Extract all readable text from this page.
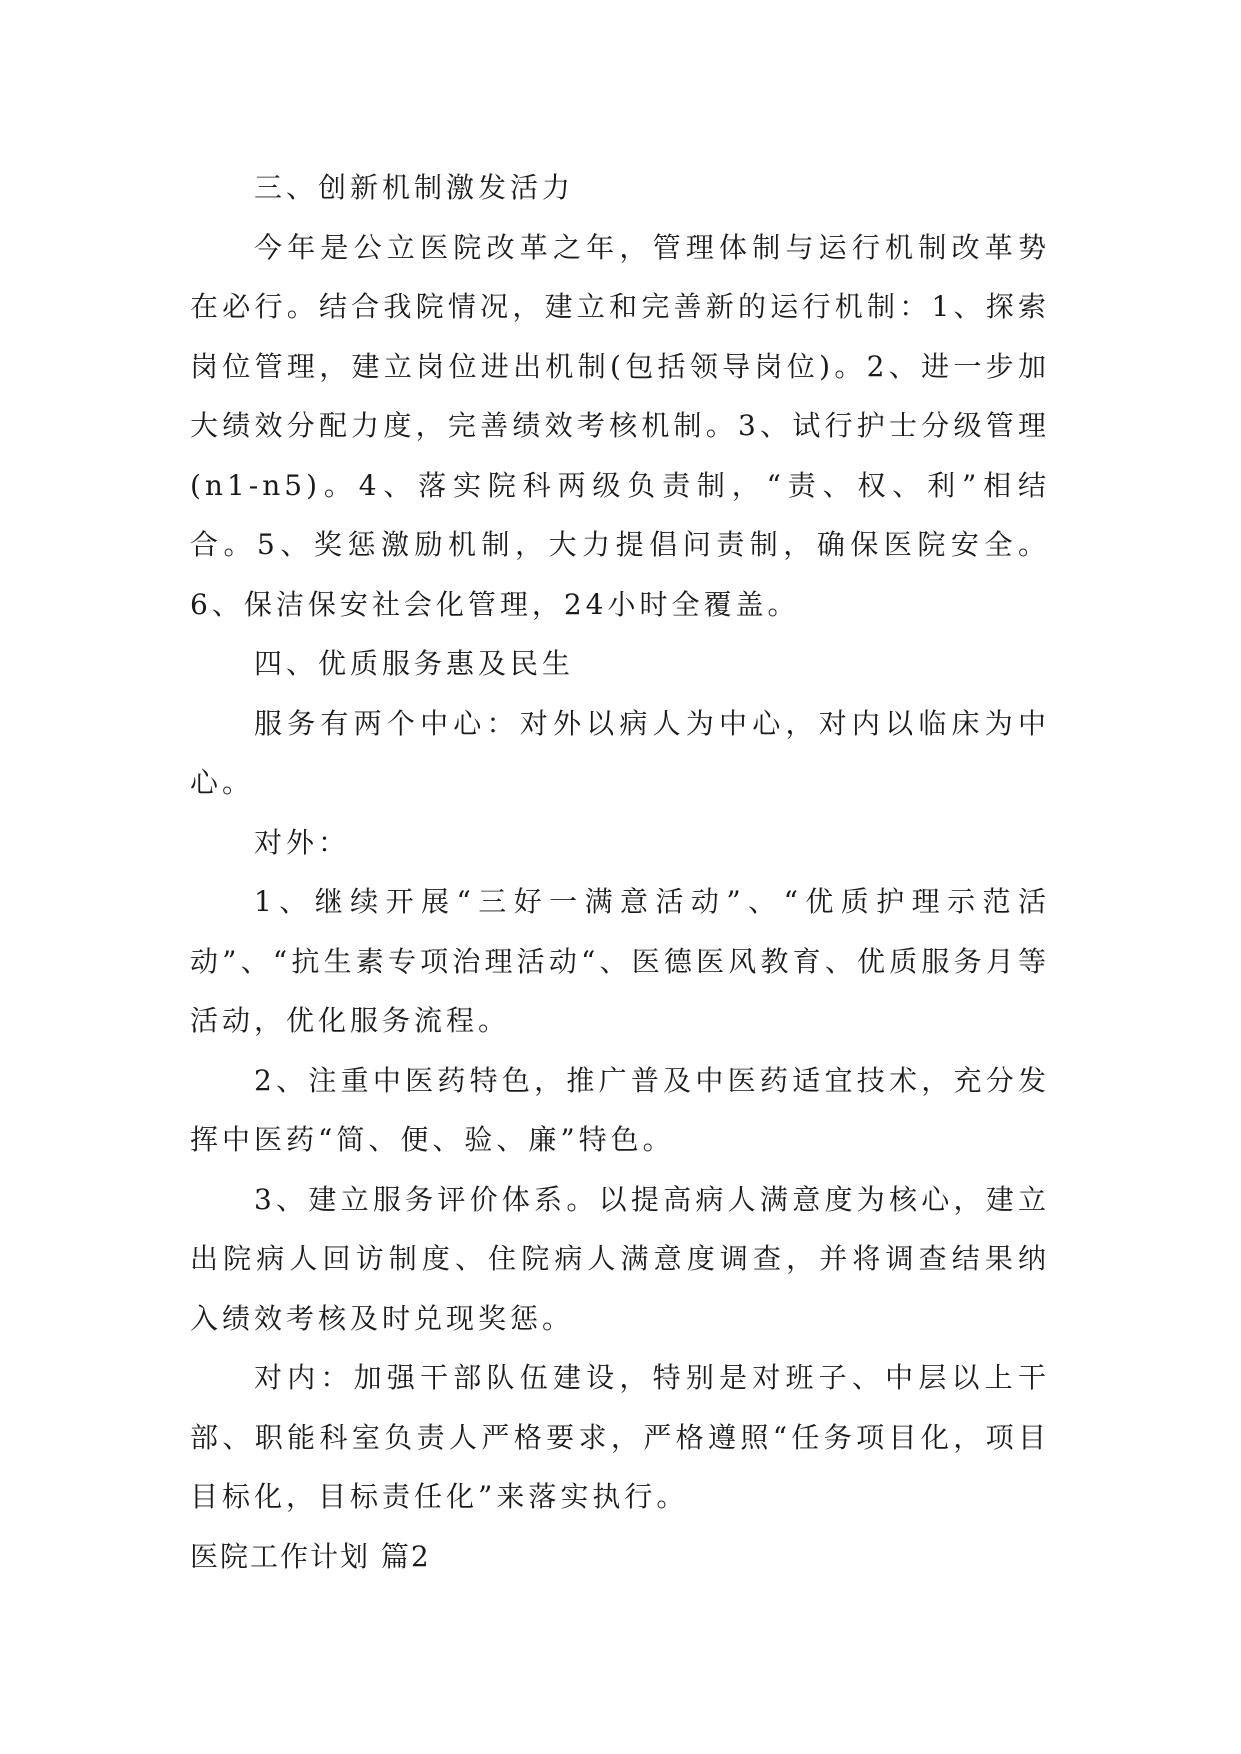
三、创新机制激发活力

今年是公立医院改革之年，管理体制与运行机制改革势在必行。结合我院情况，建立和完善新的运行机制：1、探索岗位管理，建立岗位进出机制(包括领导岗位)。2、进一步加大绩效分配力度，完善绩效考核机制。3、试行护士分级管理(n1-n5)。4、落实院科两级负责制，“责、权、利”相结合。5、奖惩激励机制，大力提倡问责制，确保医院安全。6、保洁保安社会化管理，24小时全覆盖。

四、优质服务惠及民生

服务有两个中心：对外以病人为中心，对内以临床为中心。

对外：

1、继续开展“三好一满意活动”、“优质护理示范活动”、“抗生素专项治理活动“、医德医风教育、优质服务月等活动，优化服务流程。

2、注重中医药特色，推广普及中医药适宜技术，充分发挥中医药“简、便、验、廉”特色。

3、建立服务评价体系。以提高病人满意度为核心，建立出院病人回访制度、住院病人满意度调查，并将调查结果纳入绩效考核及时兑现奖惩。

对内：加强干部队伍建设，特别是对班子、中层以上干部、职能科室负责人严格要求，严格遵照“任务项目化，项目目标化，目标责任化”来落实执行。

医院工作计划 篇2
